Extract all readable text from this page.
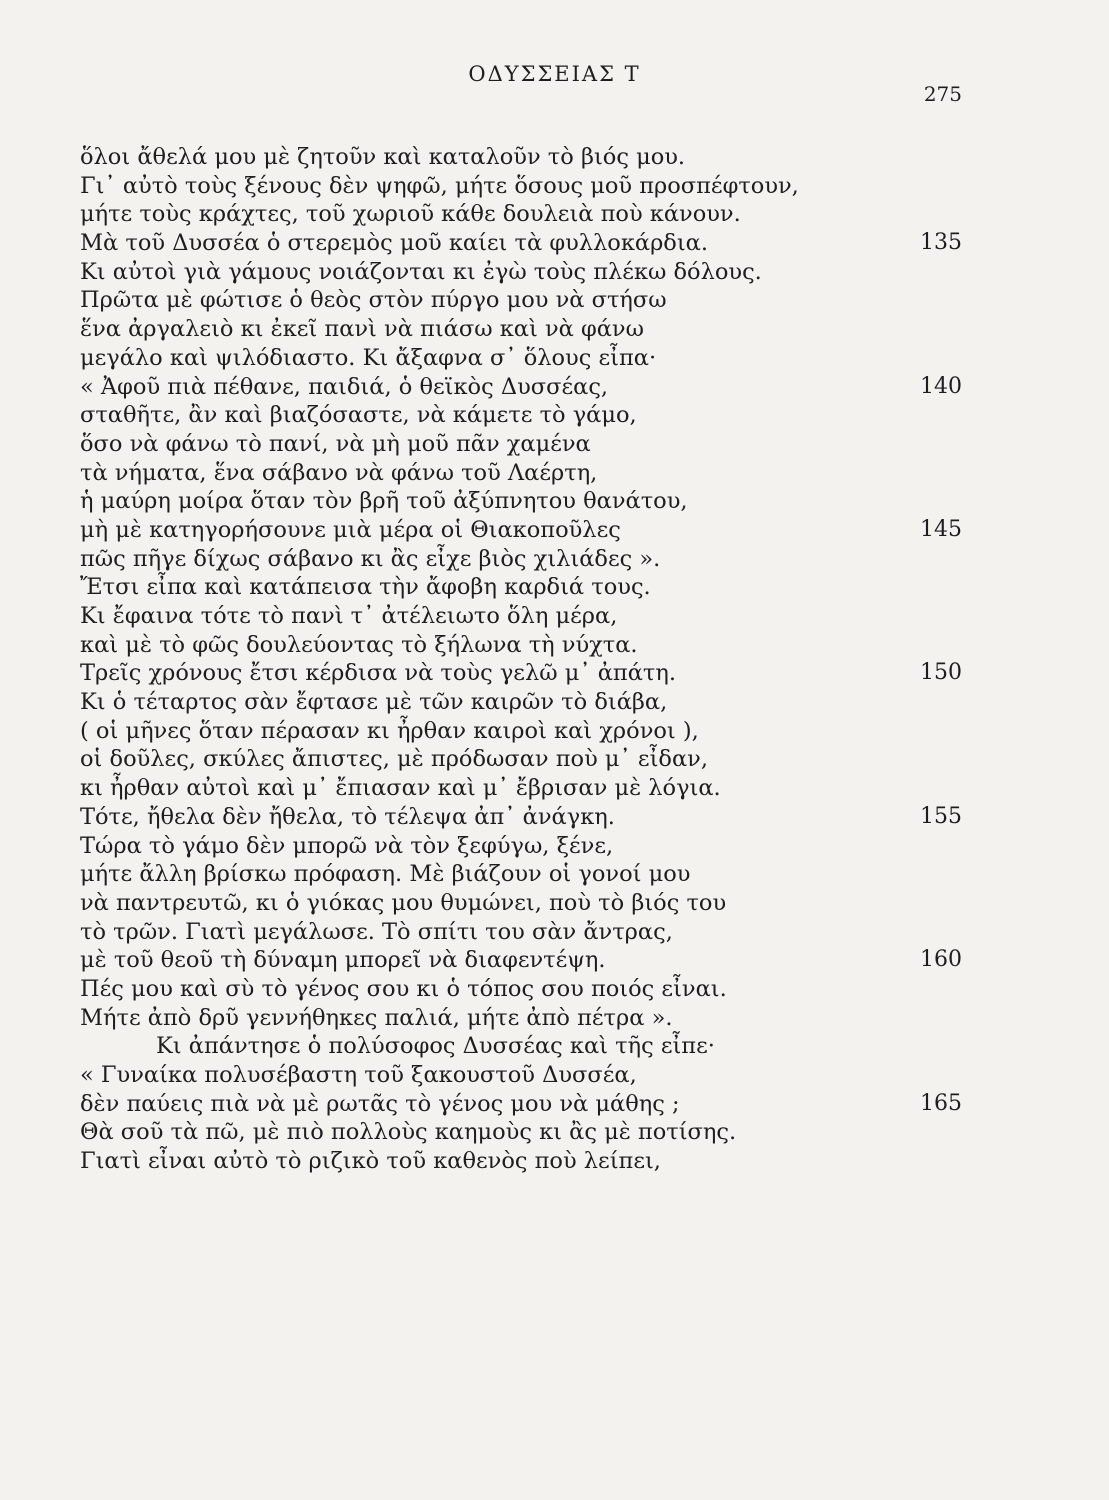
ΟΔΥΣΣΕΙΑΣ Τ
275
ὅλοι ἄθελά μου μὲ ζητοῦν καὶ καταλοῦν τὸ βιός μου.
Γι᾽ αὐτὸ τοὺς ξένους δὲν ψηφῶ, μήτε ὅσους μοῦ προσπέφτουν,
μήτε τοὺς κράχτες, τοῦ χωριοῦ κάθε δουλειὰ ποὺ κάνουν.
Μὰ τοῦ Δυσσέα ὁ στερεμὸς μοῦ καίει τὰ φυλλοκάρδια.	135
Κι αὐτοὶ γιὰ γάμους νοιάζονται κι ἐγὼ τοὺς πλέκω δόλους.
Πρῶτα μὲ φώτισε ὁ θεὸς στὸν πύργο μου νὰ στήσω
ἕνα ἀργαλειὸ κι ἐκεῖ πανὶ νὰ πιάσω καὶ νὰ φάνω
μεγάλο καὶ ψιλόδιαστο. Κι ἄξαφνα σ᾽ ὅλους εἶπα·
« Ἀφοῦ πιὰ πέθανε, παιδιά, ὁ θεϊκὸς Δυσσέας,	140
σταθῆτε, ἂν καὶ βιαζόσαστε, νὰ κάμετε τὸ γάμο,
ὅσο νὰ φάνω τὸ πανί, νὰ μὴ μοῦ πᾶν χαμένα
τὰ νήματα, ἕνα σάβανο νὰ φάνω τοῦ Λαέρτη,
ἡ μαύρη μοίρα ὅταν τὸν βρῆ τοῦ ἀξύπνητου θανάτου,
μὴ μὲ κατηγορήσουνε μιὰ μέρα οἱ Θιακοποῦλες	145
πῶς πῆγε δίχως σάβανο κι ἂς εἶχε βιὸς χιλιάδες ».
Ἔτσι εἶπα καὶ κατάπεισα τὴν ἄφοβη καρδιά τους.
Κι ἔφαινα τότε τὸ πανὶ τ᾽ ἀτέλειωτο ὅλη μέρα,
καὶ μὲ τὸ φῶς δουλεύοντας τὸ ξήλωνα τὴ νύχτα.
Τρεῖς χρόνους ἔτσι κέρδισα νὰ τοὺς γελῶ μ᾽ ἀπάτη.	150
Κι ὁ τέταρτος σὰν ἔφτασε μὲ τῶν καιρῶν τὸ διάβα,
( οἱ μῆνες ὅταν πέρασαν κι ἦρθαν καιροὶ καὶ χρόνοι ),
οἱ δοῦλες, σκύλες ἄπιστες, μὲ πρόδωσαν ποὺ μ᾽ εἶδαν,
κι ἦρθαν αὐτοὶ καὶ μ᾽ ἔπιασαν καὶ μ᾽ ἔβρισαν μὲ λόγια.
Τότε, ἤθελα δὲν ἤθελα, τὸ τέλεψα ἀπ᾽ ἀνάγκη.	155
Τώρα τὸ γάμο δὲν μπορῶ νὰ τὸν ξεφύγω, ξένε,
μήτε ἄλλη βρίσκω πρόφαση. Μὲ βιάζουν οἱ γονοί μου
νὰ παντρευτῶ, κι ὁ γιόκας μου θυμώνει, ποὺ τὸ βιός του
τὸ τρῶν. Γιατὶ μεγάλωσε. Τὸ σπίτι του σὰν ἄντρας,
μὲ τοῦ θεοῦ τὴ δύναμη μπορεῖ νὰ διαφεντέψη.	160
Πές μου καὶ σὺ τὸ γένος σου κι ὁ τόπος σου ποιός εἶναι.
Μήτε ἀπὸ δρῦ γεννήθηκες παλιά, μήτε ἀπὸ πέτρα ».
Κι ἀπάντησε ὁ πολύσοφος Δυσσέας καὶ τῆς εἶπε·
« Γυναίκα πολυσέβαστη τοῦ ξακουστοῦ Δυσσέα,
δὲν παύεις πιὰ νὰ μὲ ρωτᾶς τὸ γένος μου νὰ μάθης ;	165
Θὰ σοῦ τὰ πῶ, μὲ πιὸ πολλοὺς καημοὺς κι ἂς μὲ ποτίσης.
Γιατὶ εἶναι αὐτὸ τὸ ριζικὸ τοῦ καθενὸς ποὺ λείπει,
